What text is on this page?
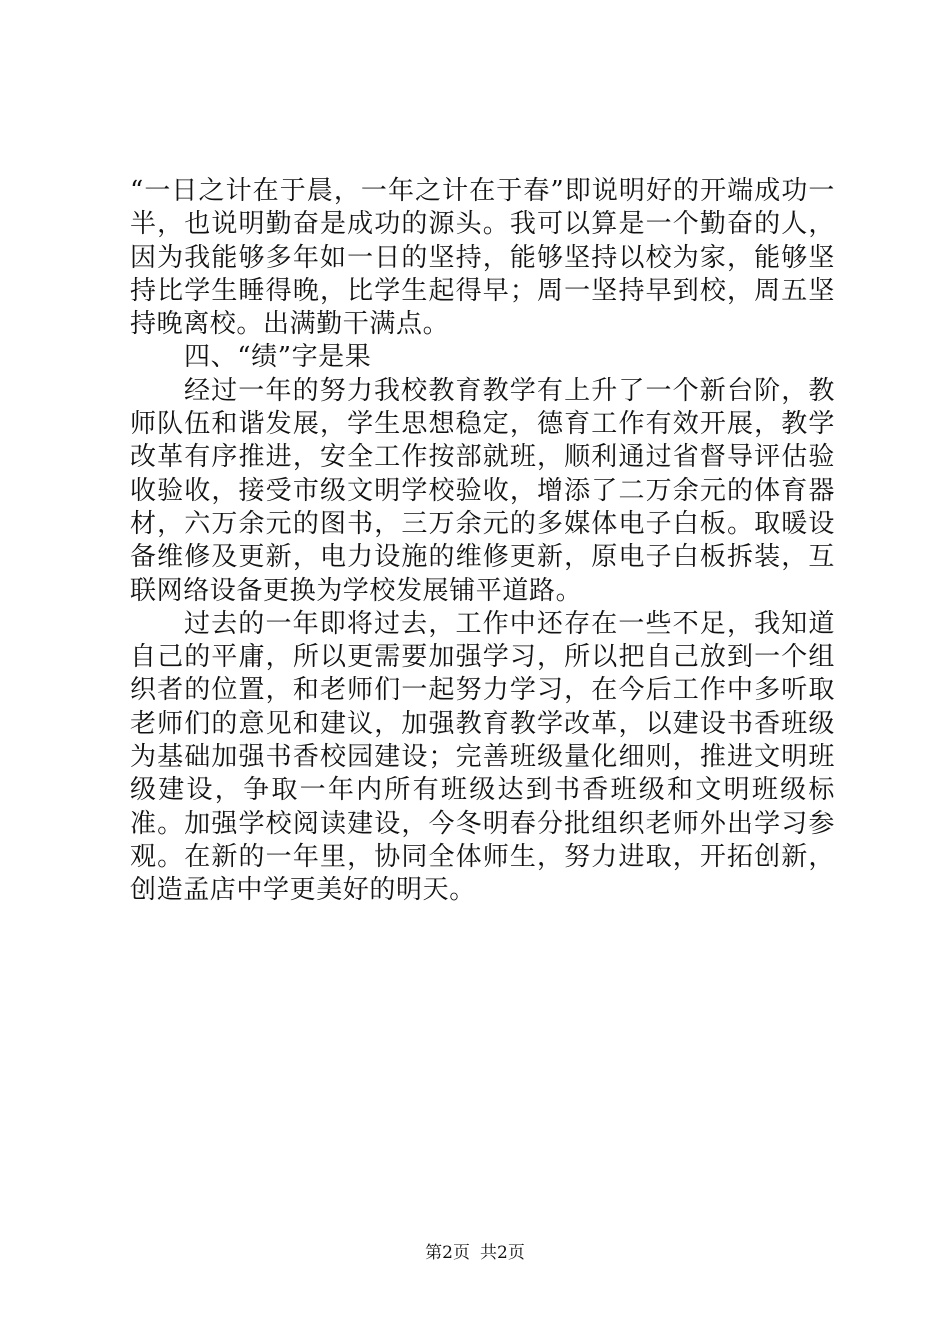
“一日之计在于晨，一年之计在于春”即说明好的开端成功一半，也说明勤奋是成功的源头。我可以算是一个勤奋的人，因为我能够多年如一日的坚持，能够坚持以校为家，能够坚持比学生睡得晚，比学生起得早；周一坚持早到校，周五坚持晚离校。出满勤干满点。

四、“绩”字是果

经过一年的努力我校教育教学有上升了一个新台阶，教师队伍和谐发展，学生思想稳定，德育工作有效开展，教学改革有序推进，安全工作按部就班，顺利通过省督导评估验收验收，接受市级文明学校验收，增添了二万余元的体育器材，六万余元的图书，三万余元的多媒体电子白板。取暖设备维修及更新，电力设施的维修更新，原电子白板拆装，互联网络设备更换为学校发展铺平道路。

过去的一年即将过去，工作中还存在一些不足，我知道自己的平庸，所以更需要加强学习，所以把自己放到一个组织者的位置，和老师们一起努力学习，在今后工作中多听取老师们的意见和建议，加强教育教学改革，以建设书香班级为基础加强书香校园建设；完善班级量化细则，推进文明班级建设，争取一年内所有班级达到书香班级和文明班级标准。加强学校阅读建设，今冬明春分批组织老师外出学习参观。在新的一年里，协同全体师生，努力进取，开拓创新，创造孟店中学更美好的明天。

第2页 共2页
